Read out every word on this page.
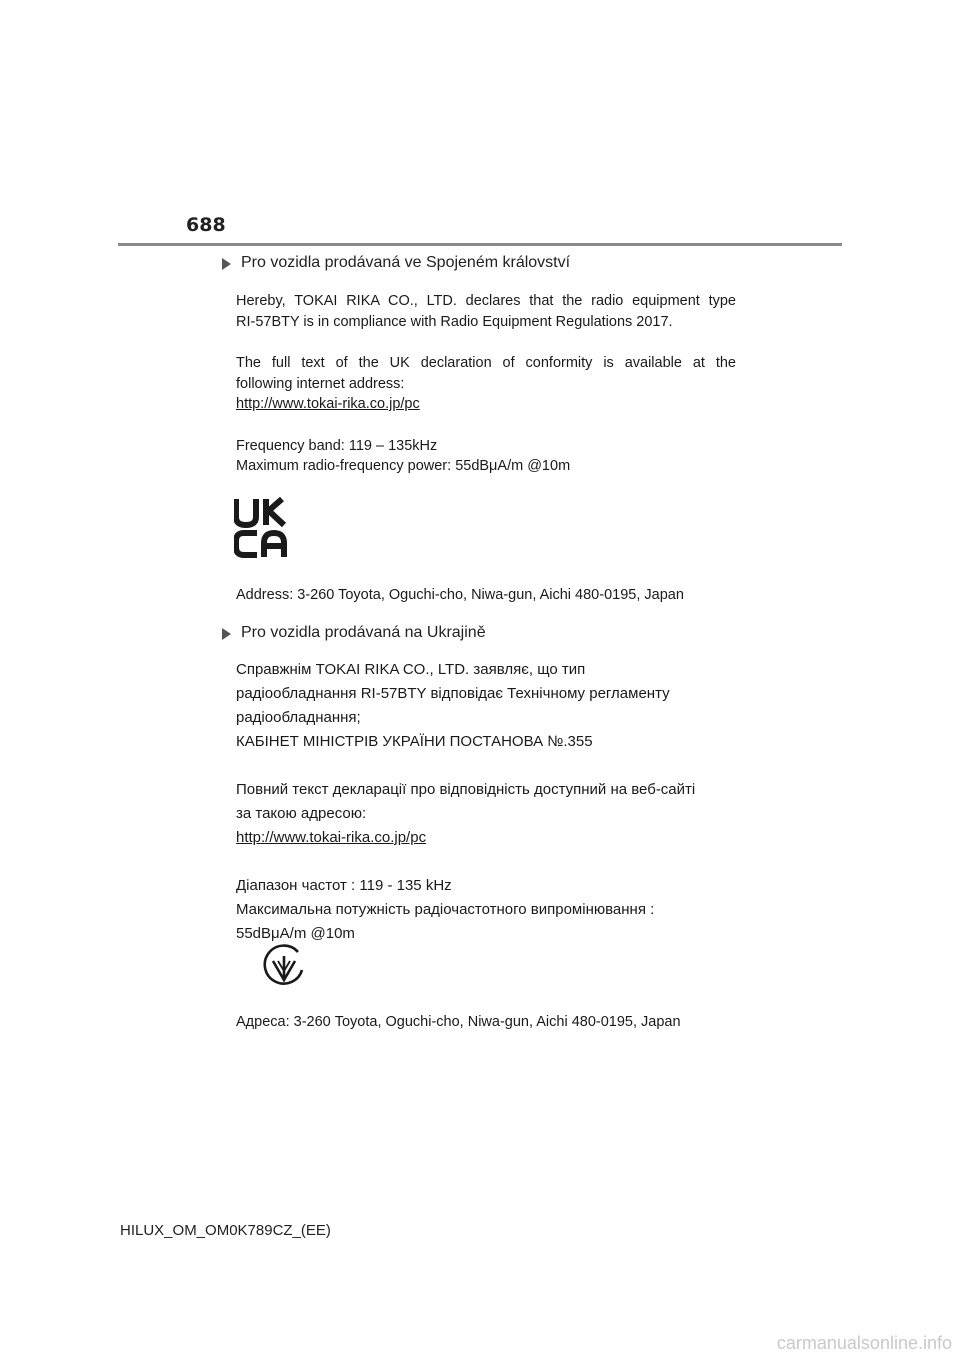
688
Pro vozidla prodávaná ve Spojeném království
Hereby, TOKAI RIKA CO., LTD. declares that the radio equipment type
RI-57BTY is in compliance with Radio Equipment Regulations 2017.
The full text of the UK declaration of conformity is available at the
following internet address:
http://www.tokai-rika.co.jp/pc
Frequency band: 119 – 135kHz
Maximum radio-frequency power: 55dBμA/m @10m
Address: 3-260 Toyota, Oguchi-cho, Niwa-gun, Aichi 480-0195, Japan
Pro vozidla prodávaná na Ukrajině
Справжнім TOKAI RIKA CO., LTD. заявляє, що тип
радіообладнання RI-57BTY відповідає Технічному регламенту
радіообладнання;
КАБІНЕТ МІНІСТРІВ УКРАЇНИ ПОСТАНОВА №.355
Повний текст декларації про відповідність доступний на веб-сайті
за такою адресою:
http://www.tokai-rika.co.jp/pc
Діапазон частот : 119 - 135 kHz
Максимальна потужність радіочастотного випромінювання :
55dBμA/m @10m
Адреса: 3-260 Toyota, Oguchi-cho, Niwa-gun, Aichi 480-0195, Japan
HILUX_OM_OM0K789CZ_(EE)
carmanualsonline.info
